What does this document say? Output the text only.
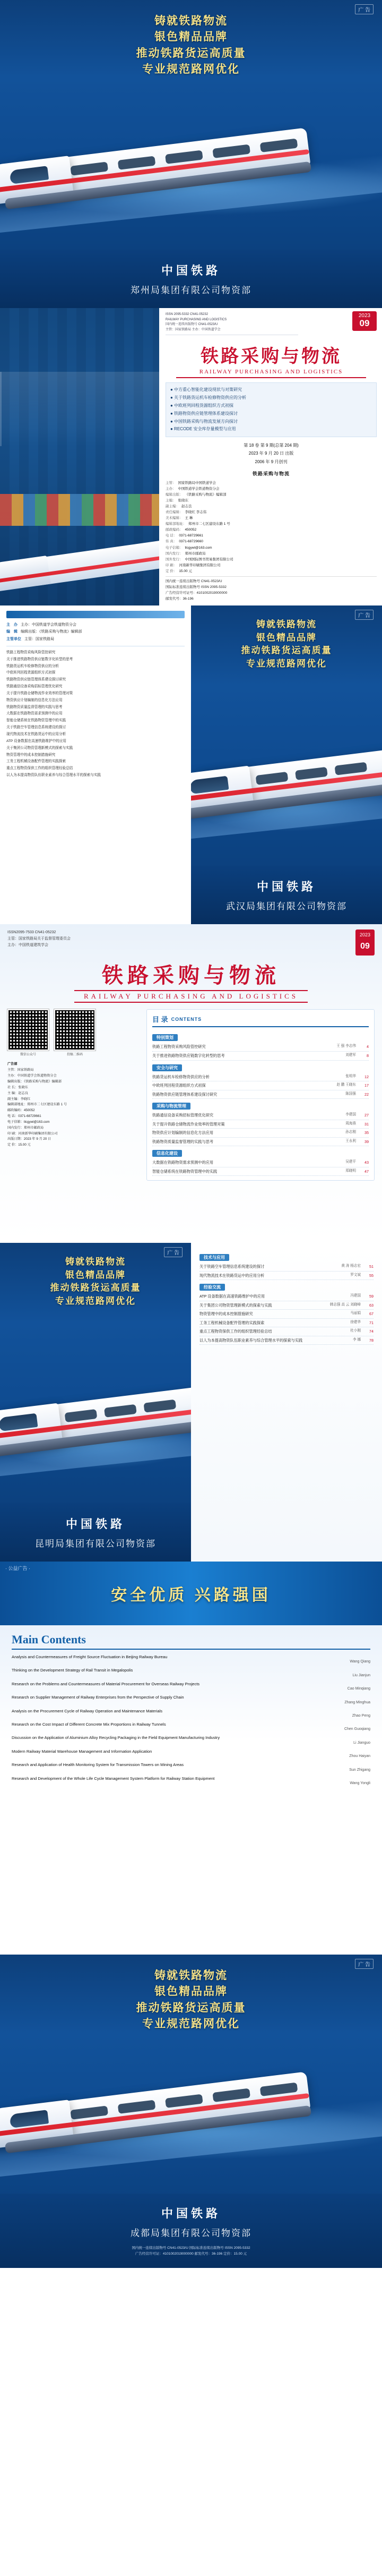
广 告
铸就铁路物流
银色精品品牌
推动铁路货运高质量
专业规范路网优化
中国铁路
郑州局集团有限公司物资部
2023
09
ISSN 2095-5332 CN41-05232
RAILWAY PURCHASING AND LOGISTICS
国内统一连续出版物号 CN41-0523/U
主管：国家铁路局 主办：中国铁道学会
铁路采购与物流
RAILWAY PURCHASING AND LOGISTICS
● 中方重心智能化建设现状与对策研究
● 关于铁路货运机车检修物资供应的分析
● 中欧班列回程货源组织方式初探
● 铁路物资供应链管理体系建设探讨
● 中国铁路采购与物流发展方向探讨
● RECODE 安全库存量模型与应用
第 18 卷 第 9 期(总第 204 期)
2023 年 9 月 20 日 出版
2006 年 9 月创刊
铁路采购与物流
主管： 国家铁路局中国铁道学会
主办： 中国铁道学会铁道物资分会
编辑出版： 《铁路采购与物流》编辑部
主编： 张晓东
副主编： 赵志良
责任编辑： 李晓红 李志伟
美术编辑： 王 琳
编辑部地址： 郑州市二七区建设东路 1 号
邮政编码： 450052
电 话： 0371-68729661
传 真： 0371-68729660
电子信箱： tlcgywl@163.com
国内发行： 郑州市邮政局
国外发行： 中国国际图书贸易集团有限公司
印 刷： 河南新华印刷集团有限公司
定 价： 15.00 元
国内统一连续出版物号 CN41-0523/U
国际标准连续出版物号 ISSN 2095-5332
广告经营许可证号：4101002019000000
邮发代号：36-196
主　办 主办：中国铁道学会铁道物资分会
编　辑 编辑出版：《铁路采购与物流》编辑部
主管单位 主管：国家铁路局
铁路工程物资采购风险管控研究
关于推进铁路物资供应链数字化转型的思考
铁路货运机车检修物资供应的分析
中欧班列回程货源组织方式初探
铁路物资供应链管理体系建设探讨研究
铁路通信设备采购招标管理优化研究
关于提升铁路仓储物流作业效率的管理对策
物资供应计划编制的信息化方法应用
铁路物资质量监督管理的实践与思考
大数据在铁路物资需求预测中的应用
智能仓储系统在铁路物资管理中的实践
关于铁路空车管理信息系统建设的探讨
现代物流技术在铁路货运中的应用分析
ATP 设备数据在高速铁路维护中的应用
关于集团公司物资管理新模式的探索与实践
物资管理中的成本控制措施研究
工务工程机械设备配件管理的实践探索
重点工程物资保供工作的组织管理经验总结
以人为本提高物资队伍职业素养与综合管理水平的探索与实践
广 告
铸就铁路物流
银色精品品牌
推动铁路货运高质量
专业规范路网优化
中国铁路
武汉局集团有限公司物资部
ISSN2095-7533 CN41-05232
主管：国家铁路局关于监督管理委员会
主办：中国铁道建筑学会
2023
09
铁路采购与物流
RAILWAY PURCHASING AND LOGISTICS
微信公众号	投稿二维码
广告部
主管：国家铁路局
主办：中国铁道学会铁道物资分会
编辑出版：《铁路采购与物流》编辑部
社 长：张晓东
主 编：赵志良
副主编：李晓红
编辑部地址：郑州市二七区建设东路 1 号
邮政编码：450052
电 话：0371-68729661
电子信箱：tlcgywl@163.com
国内发行：郑州市邮政局
印 刷：河南新华印刷集团有限公司
出版日期：2023 年 9 月 20 日
定 价：15.00 元
目 录 CONTENTS
特别策划
铁路工程物资采购风险管控研究	王 强 李志伟	4
关于推进铁路物资供应链数字化转型的思考	刘建军	8
安全与研究
铁路货运机车检修物资供应的分析	张明华	12
中欧班列回程货源组织方式初探	赵 鹏 王晓东	17
铁路物资供应链管理体系建设探讨研究	陈国强	22
采购与物流管理
铁路通信设备采购招标管理优化研究	李建国	27
关于提升铁路仓储物流作业效率的管理对策	周海燕	31
物资供应计划编制的信息化方法应用	孙志刚	35
铁路物资质量监督管理的实践与思考	王永利	39
信息化建设
大数据在铁路物资需求预测中的应用	吴建平	43
智能仓储系统在铁路物资管理中的实践	郑晓明	47
广 告
铸就铁路物流
银色精品品牌
推动铁路货运高质量
专业规范路网优化
中国铁路
昆明局集团有限公司物资部
技术与应用
关于铁路空车管理信息系统建设的探讨	黄 涛 杨志宏	51
现代物流技术在铁路货运中的应用分析	罗文斌	55
经验交流
ATP 设备数据在高速铁路维护中的应用	冯建国	59
关于集团公司物资管理新模式的探索与实践	韩志强 高 云 刘晓峰	63
物资管理中的成本控制措施研究	马丽娟	67
工务工程机械设备配件管理的实践探索	徐建华	71
重点工程物资保供工作的组织管理经验总结	杜小刚	74
以人为本提高物资队伍职业素养与综合管理水平的探索与实践	李 娜	78
· 公益广告 ·
安全优质 兴路强国
Main Contents
Analysis and Countermeasures of Freight Source Fluctuation in Beijing Railway Bureau
Wang Qiang
Thinking on the Development Strategy of Rail Transit in Megalopolis
Liu Jianjun
Research on the Problems and Countermeasures of Material Procurement for Overseas Railway Projects
Cao Minqiang
Research on Supplier Management of Railway Enterprises from the Perspective of Supply Chain
Zhang Minghua
Analysis on the Procurement Cycle of Railway Operation and Maintenance Materials
Zhao Peng
Research on the Cost Impact of Different Concrete Mix Proportions in Railway Tunnels
Chen Guoqiang
Discussion on the Application of Aluminium Alloy Recycling Packaging in the Field Equipment Manufacturing Industry
Li Jianguo
Modern Railway Material Warehouse Management and Information Application
Zhou Haiyan
Research and Application of Health Monitoring System for Transmission Towers on Mining Areas
Sun Zhigang
Research and Development of the Whole Life Cycle Management System Platform for Railway Station Equipment
Wang Yongli
广 告
铸就铁路物流
银色精品品牌
推动铁路货运高质量
专业规范路网优化
中国铁路
成都局集团有限公司物资部
国内统一连续出版物号 CN41-0523/U 国际标准连续出版物号 ISSN 2095-5332
广告经营许可证：4101002019000000 邮发代号：36-196 定价：15.00 元
